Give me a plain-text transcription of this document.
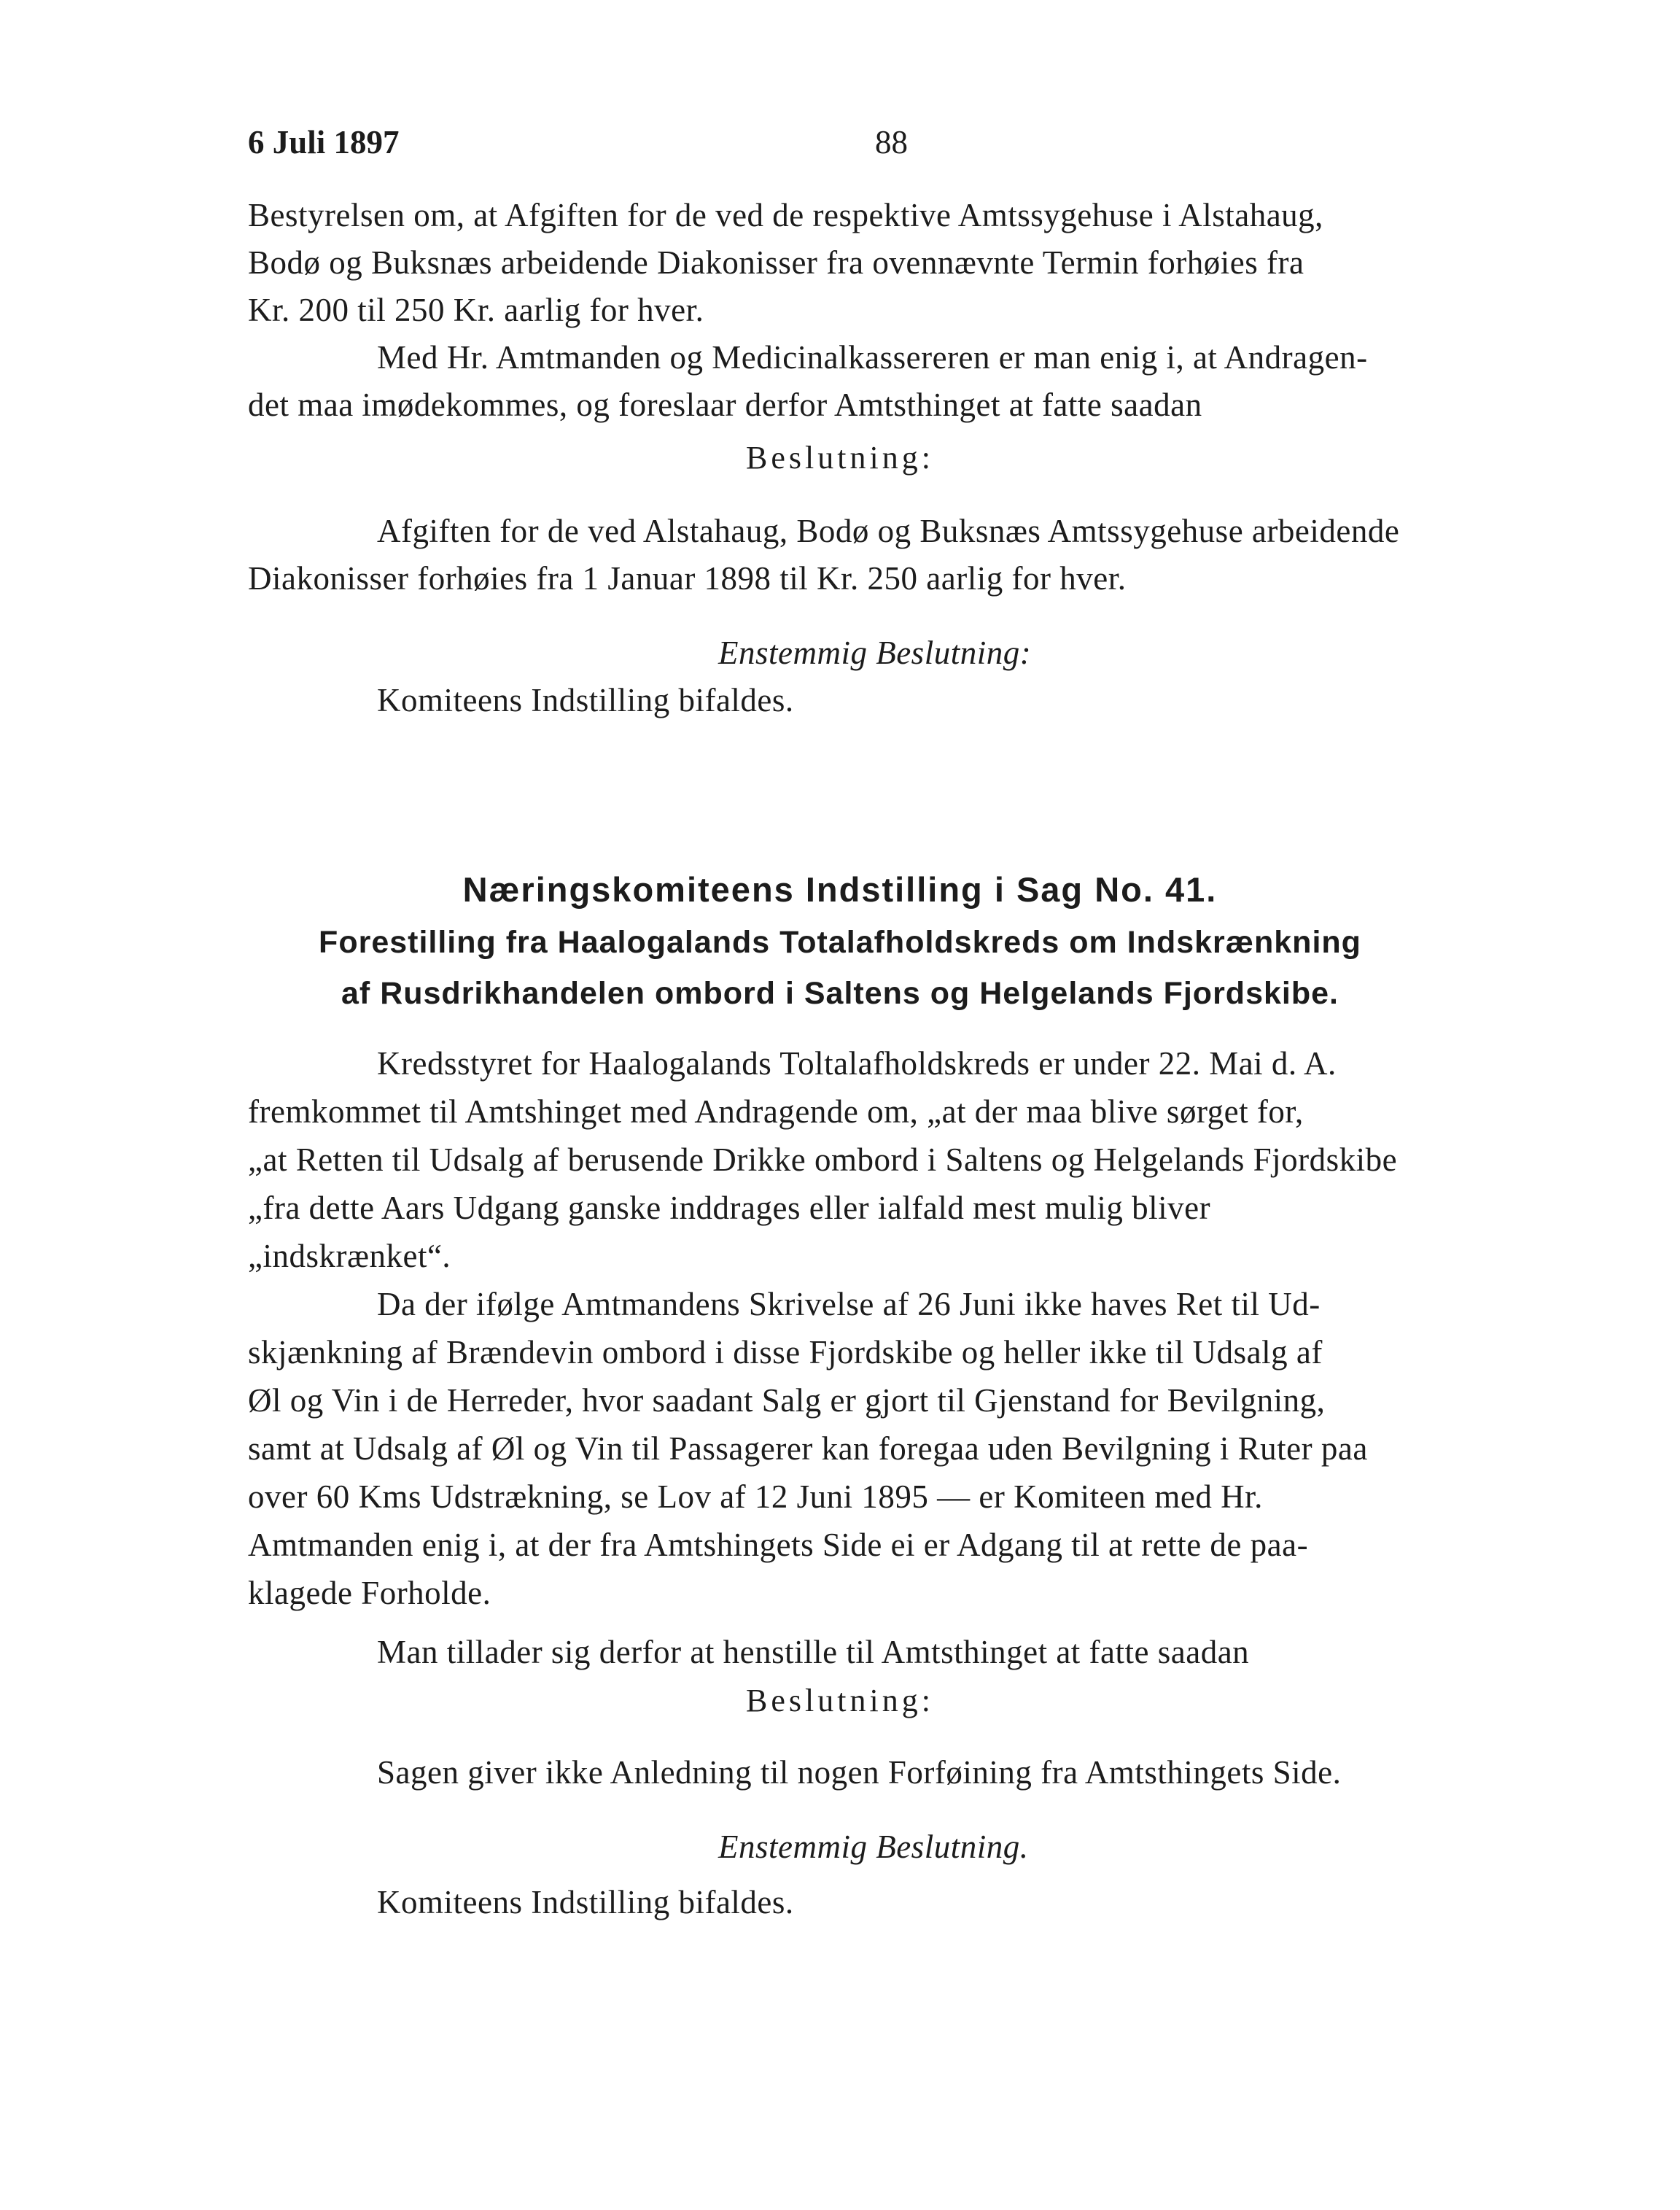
6 Juli 1897	88
Bestyrelsen om, at Afgiften for de ved de respektive Amtssygehuse i Alstahaug,
Bodø og Buksnæs arbeidende Diakonisser fra ovennævnte Termin forhøies fra
Kr. 200 til 250 Kr. aarlig for hver.
Med Hr. Amtmanden og Medicinalkassereren er man enig i, at Andragen-
det maa imødekommes, og foreslaar derfor Amtsthinget at fatte saadan
Beslutning:
Afgiften for de ved Alstahaug, Bodø og Buksnæs Amtssygehuse arbeidende
Diakonisser forhøies fra 1 Januar 1898 til Kr. 250 aarlig for hver.
Enstemmig Beslutning:
Komiteens Indstilling bifaldes.
Næringskomiteens Indstilling i Sag No. 41.
Forestilling fra Haalogalands Totalafholdskreds om Indskrænkning
af Rusdrikhandelen ombord i Saltens og Helgelands Fjordskibe.
Kredsstyret for Haalogalands Toltalafholdskreds er under 22. Mai d. A.
fremkommet til Amtshinget med Andragende om, „at der maa blive sørget for,
„at Retten til Udsalg af berusende Drikke ombord i Saltens og Helgelands Fjordskibe
„fra dette Aars Udgang ganske inddrages eller ialfald mest mulig bliver
„indskrænket“.
Da der ifølge Amtmandens Skrivelse af 26 Juni ikke haves Ret til Ud-
skjænkning af Brændevin ombord i disse Fjordskibe og heller ikke til Udsalg af
Øl og Vin i de Herreder, hvor saadant Salg er gjort til Gjenstand for Bevilgning,
samt at Udsalg af Øl og Vin til Passagerer kan foregaa uden Bevilgning i Ruter paa
over 60 Kms Udstrækning, se Lov af 12 Juni 1895 — er Komiteen med Hr.
Amtmanden enig i, at der fra Amtshingets Side ei er Adgang til at rette de paa-
klagede Forholde.
Man tillader sig derfor at henstille til Amtsthinget at fatte saadan
Beslutning:
Sagen giver ikke Anledning til nogen Forføining fra Amtsthingets Side.
Enstemmig Beslutning.
Komiteens Indstilling bifaldes.
